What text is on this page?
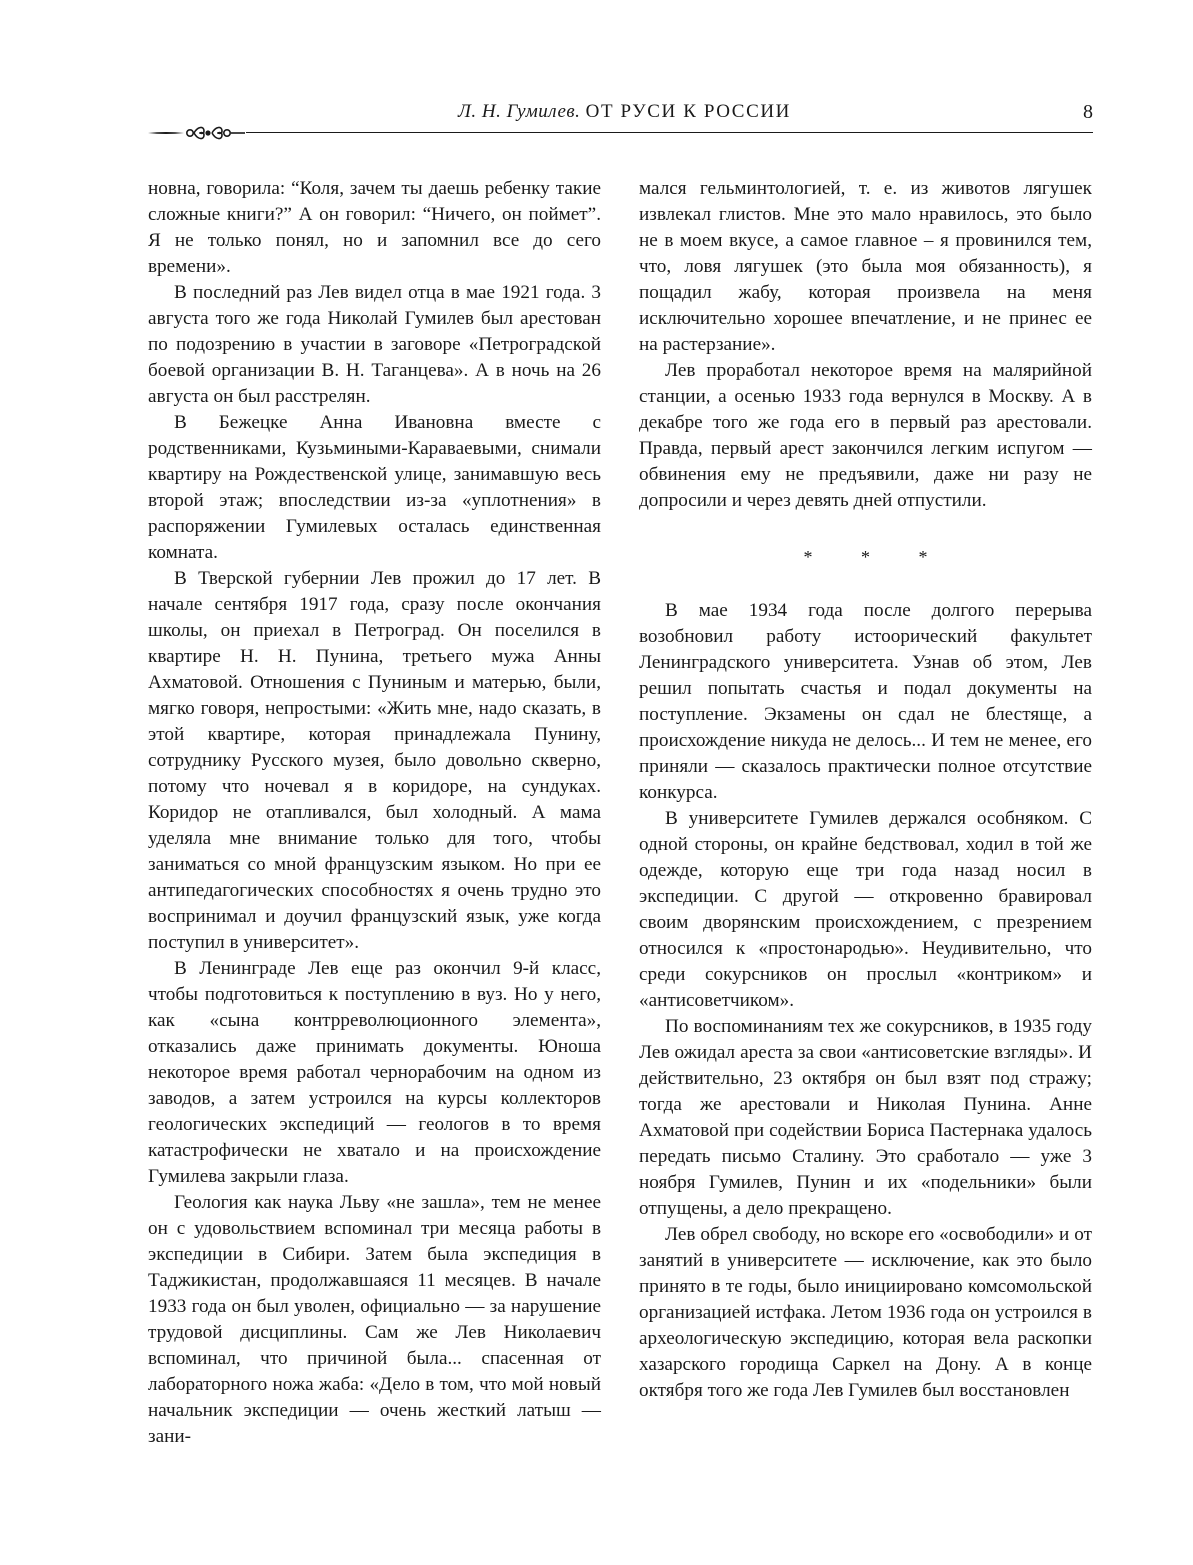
Л. Н. Гумилев. ОТ РУСИ К РОССИИ	8

новна, говорила: “Коля, зачем ты даешь ребенку такие сложные книги?” А он говорил: “Ничего, он поймет”. Я не только понял, но и запомнил все до сего времени».

В последний раз Лев видел отца в мае 1921 года. 3 августа того же года Николай Гумилев был арестован по подозрению в участии в заговоре «Петроградской боевой организации В. Н. Таганцева». А в ночь на 26 августа он был расстрелян.

В Бежецке Анна Ивановна вместе с родственниками, Кузьмиными-Караваевыми, снимали квартиру на Рождественской улице, занимавшую весь второй этаж; впоследствии из-за «уплотнения» в распоряжении Гумилевых осталась единственная комната.

В Тверской губернии Лев прожил до 17 лет. В начале сентября 1917 года, сразу после окончания школы, он приехал в Петроград. Он поселился в квартире Н. Н. Пунина, третьего мужа Анны Ахматовой. Отношения с Пуниным и матерью, были, мягко говоря, непростыми: «Жить мне, надо сказать, в этой квартире, которая принадлежала Пунину, сотруднику Русского музея, было довольно скверно, потому что ночевал я в коридоре, на сундуках. Коридор не отапливался, был холодный. А мама уделяла мне внимание только для того, чтобы заниматься со мной французским языком. Но при ее антипедагогических способностях я очень трудно это воспринимал и доучил французский язык, уже когда поступил в университет».

В Ленинграде Лев еще раз окончил 9-й класс, чтобы подготовиться к поступлению в вуз. Но у него, как «сына контрреволюционного элемента», отказались даже принимать документы. Юноша некоторое время работал чернорабочим на одном из заводов, а затем устроился на курсы коллекторов геологических экспедиций — геологов в то время катастрофически не хватало и на происхождение Гумилева закрыли глаза.

Геология как наука Льву «не зашла», тем не менее он с удовольствием вспоминал три месяца работы в экспедиции в Сибири. Затем была экспедиция в Таджикистан, продолжавшаяся 11 месяцев. В начале 1933 года он был уволен, официально — за нарушение трудовой дисциплины. Сам же Лев Николаевич вспоминал, что причиной была... спасенная от лабораторного ножа жаба: «Дело в том, что мой новый начальник экспедиции — очень жесткий латыш — зани-

мался гельминтологией, т. е. из животов лягушек извлекал глистов. Мне это мало нравилось, это было не в моем вкусе, а самое главное – я провинился тем, что, ловя лягушек (это была моя обязанность), я пощадил жабу, которая произвела на меня исключительно хорошее впечатление, и не принес ее на растерзание».

Лев проработал некоторое время на малярийной станции, а осенью 1933 года вернулся в Москву. А в декабре того же года его в первый раз арестовали. Правда, первый арест закончился легким испугом — обвинения ему не предъявили, даже ни разу не допросили и через девять дней отпустили.

* * *

В мае 1934 года после долгого перерыва возобновил работу истоорический факультет Ленинградского университета. Узнав об этом, Лев решил попытать счастья и подал документы на поступление. Экзамены он сдал не блестяще, а происхождение никуда не делось... И тем не менее, его приняли — сказалось практически полное отсутствие конкурса.

В университете Гумилев держался особняком. С одной стороны, он крайне бедствовал, ходил в той же одежде, которую еще три года назад носил в экспедиции. С другой — откровенно бравировал своим дворянским происхождением, с презрением относился к «простонародью». Неудивительно, что среди сокурсников он прослыл «контриком» и «антисоветчиком».

По воспоминаниям тех же сокурсников, в 1935 году Лев ожидал ареста за свои «антисоветские взгляды». И действительно, 23 октября он был взят под стражу; тогда же арестовали и Николая Пунина. Анне Ахматовой при содействии Бориса Пастернака удалось передать письмо Сталину. Это сработало — уже 3 ноября Гумилев, Пунин и их «подельники» были отпущены, а дело прекращено.

Лев обрел свободу, но вскоре его «освободили» и от занятий в университете — исключение, как это было принято в те годы, было инициировано комсомольской организацией истфака. Летом 1936 года он устроился в археологическую экспедицию, которая вела раскопки хазарского городища Саркел на Дону. А в конце октября того же года Лев Гумилев был восстановлен
